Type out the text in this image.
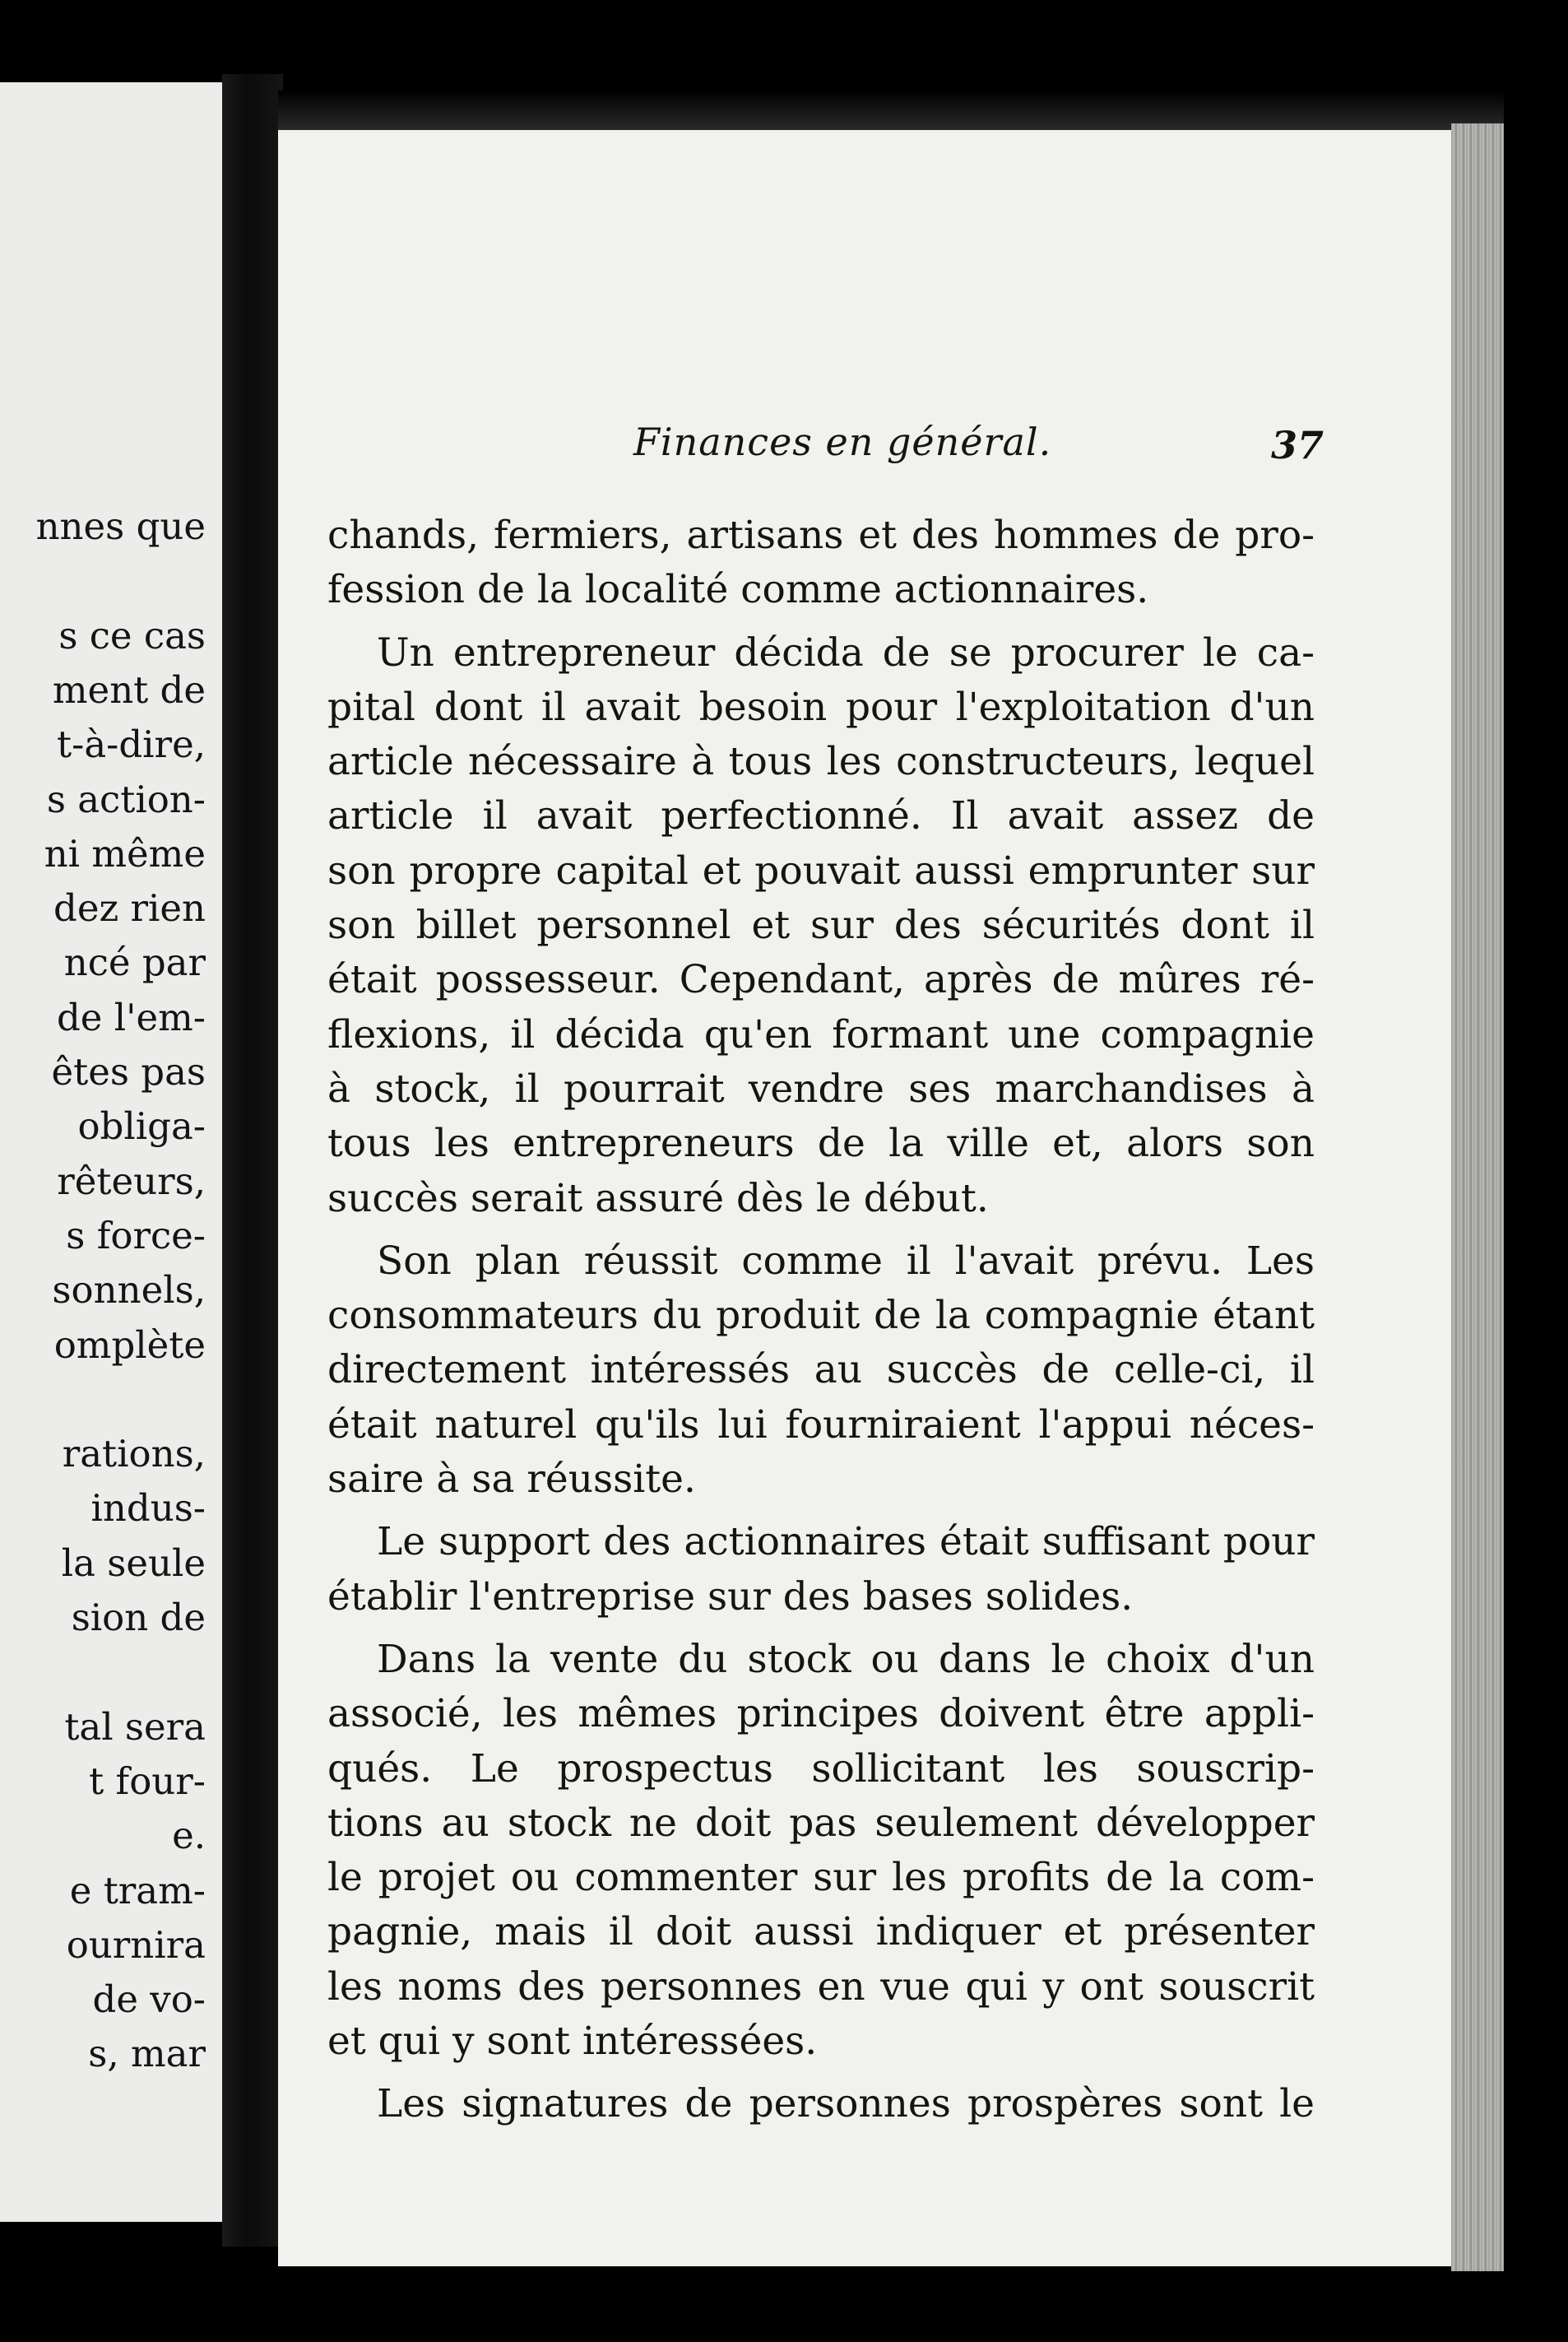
nnes que
s ce cas
ment de
t-à-dire,
s action-
ni même
dez rien
ncé par
de l'em-
êtes pas
obliga-
rêteurs,
s force-
sonnels,
omplète
rations,
indus-
la seule
sion de
tal sera
t four-
e.
e tram-
ournira
de vo-
s, mar
Finances en général.	37
chands, fermiers, artisans et des hommes de pro-
fession de la localité comme actionnaires.
Un entrepreneur décida de se procurer le ca-
pital dont il avait besoin pour l'exploitation d'un
article nécessaire à tous les constructeurs, lequel
article il avait perfectionné. Il avait assez de
son propre capital et pouvait aussi emprunter sur
son billet personnel et sur des sécurités dont il
était possesseur. Cependant, après de mûres ré-
flexions, il décida qu'en formant une compagnie
à stock, il pourrait vendre ses marchandises à
tous les entrepreneurs de la ville et, alors son
succès serait assuré dès le début.
Son plan réussit comme il l'avait prévu. Les
consommateurs du produit de la compagnie étant
directement intéressés au succès de celle-ci, il
était naturel qu'ils lui fourniraient l'appui néces-
saire à sa réussite.
Le support des actionnaires était suffisant pour
établir l'entreprise sur des bases solides.
Dans la vente du stock ou dans le choix d'un
associé, les mêmes principes doivent être appli-
qués. Le prospectus sollicitant les souscrip-
tions au stock ne doit pas seulement développer
le projet ou commenter sur les profits de la com-
pagnie, mais il doit aussi indiquer et présenter
les noms des personnes en vue qui y ont souscrit
et qui y sont intéressées.
Les signatures de personnes prospères sont le
